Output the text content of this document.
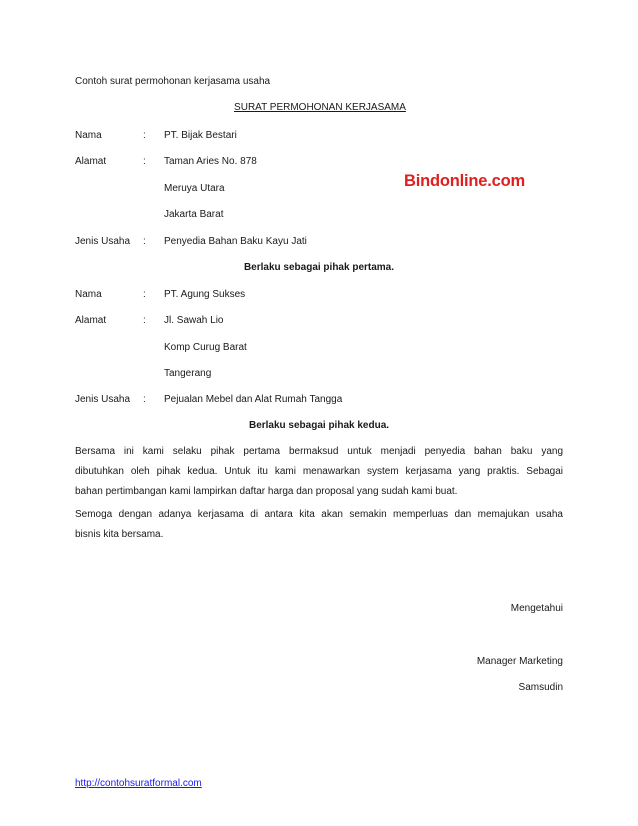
Contoh surat permohonan kerjasama usaha
SURAT PERMOHONAN KERJASAMA
Bindonline.com
Nama	: PT. Bijak Bestari
Alamat	: Taman Aries No. 878
Meruya Utara
Jakarta Barat
Jenis Usaha : Penyedia Bahan Baku Kayu Jati
Berlaku sebagai pihak pertama.
Nama	: PT. Agung Sukses
Alamat	: Jl. Sawah Lio
Komp Curug Barat
Tangerang
Jenis Usaha : Pejualan Mebel dan Alat Rumah Tangga
Berlaku sebagai pihak kedua.
Bersama ini kami selaku pihak pertama bermaksud untuk menjadi penyedia bahan baku yang
dibutuhkan oleh pihak kedua. Untuk itu kami menawarkan system kerjasama yang praktis. Sebagai
bahan pertimbangan kami lampirkan daftar harga dan proposal yang sudah kami buat.
Semoga dengan adanya kerjasama di antara kita akan semakin memperluas dan memajukan usaha
bisnis kita bersama.
Mengetahui
Manager Marketing
Samsudin
http://contohsuratformal.com
